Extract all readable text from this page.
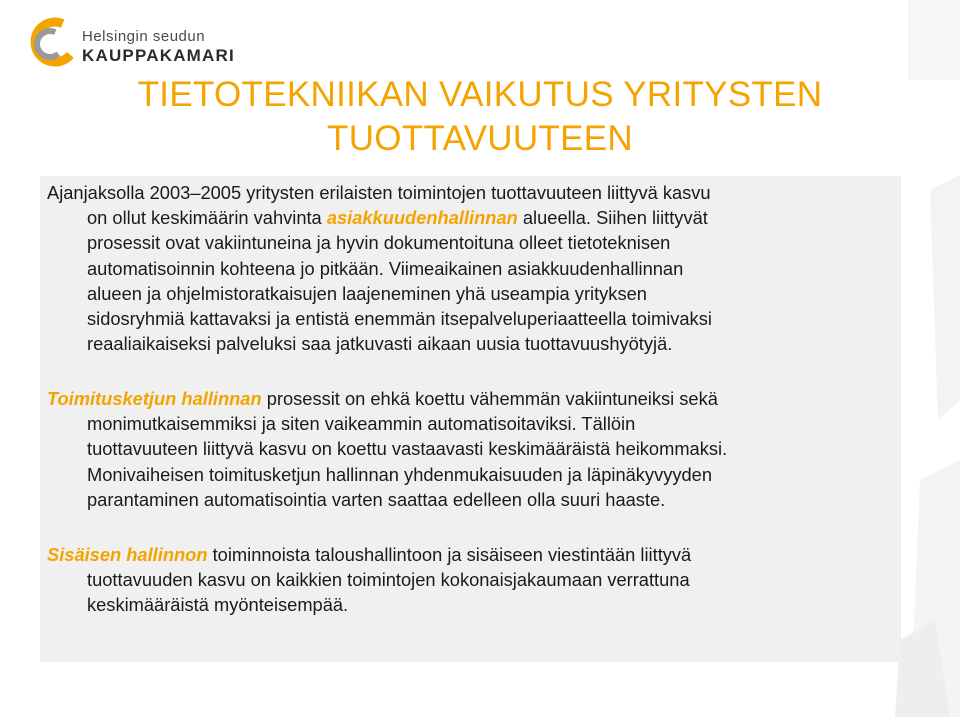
Helsingin seudun
KAUPPAKAMARI
TIETOTEKNIIKAN VAIKUTUS YRITYSTEN
TUOTTAVUUTEEN

Ajanjaksolla 2003–2005 yritysten erilaisten toimintojen tuottavuuteen liittyvä kasvu
on ollut keskimäärin vahvinta asiakkuudenhallinnan alueella. Siihen liittyvät
prosessit ovat vakiintuneina ja hyvin dokumentoituna olleet tietoteknisen
automatisoinnin kohteena jo pitkään. Viimeaikainen asiakkuudenhallinnan
alueen ja ohjelmistoratkaisujen laajeneminen yhä useampia yrityksen
sidosryhmiä kattavaksi ja entistä enemmän itsepalveluperiaatteella toimivaksi
reaaliaikaiseksi palveluksi saa jatkuvasti aikaan uusia tuottavuushyötyjä.

Toimitusketjun hallinnan prosessit on ehkä koettu vähemmän vakiintuneiksi sekä
monimutkaisemmiksi ja siten vaikeammin automatisoitaviksi. Tällöin
tuottavuuteen liittyvä kasvu on koettu vastaavasti keskimääräistä heikommaksi.
Monivaiheisen toimitusketjun hallinnan yhdenmukaisuuden ja läpinäkyvyyden
parantaminen automatisointia varten saattaa edelleen olla suuri haaste.

Sisäisen hallinnon toiminnoista taloushallintoon ja sisäiseen viestintään liittyvä
tuottavuuden kasvu on kaikkien toimintojen kokonaisjakaumaan verrattuna
keskimääräistä myönteisempää.
